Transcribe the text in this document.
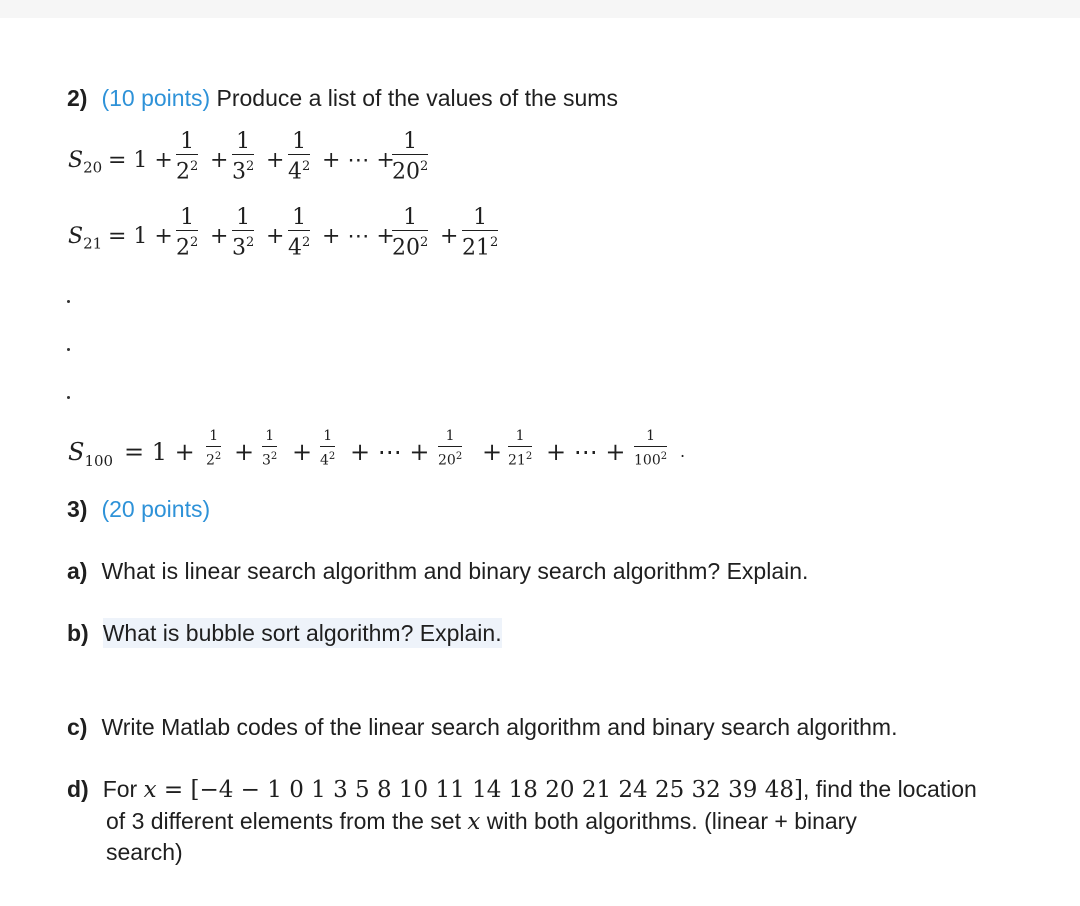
2) (10 points) Produce a list of the values of the sums
$S_{20} = 1$ +
1
$2^2$ +
1
$3^2$ +
1
$4^2$ + ⋯ +
1
$20^2$
$S_{21} = 1$ +
1
$2^2$ +
1
$3^2$ +
1
$4^2$ + ⋯ +
1
$20^2$ +
1
$21^2$
$S_{100} = 1$ +
1
$2^2$ +
1
$3^2$ +
1
$4^2$ + ⋯ +
1
$20^2$ +
1
$21^2$ + ⋯ +
1
$100^2$ .
3) (20 points)
a) What is linear search algorithm and binary search algorithm? Explain.
b) What is bubble sort algorithm? Explain.
c) Write Matlab codes of the linear search algorithm and binary search algorithm.
d) For x = [−4 − 1 0 1 3 5 8 10 11 14 18 20 21 24 25 32 39 48], find the location
of 3 different elements from the set x with both algorithms. (linear + binary
search)
